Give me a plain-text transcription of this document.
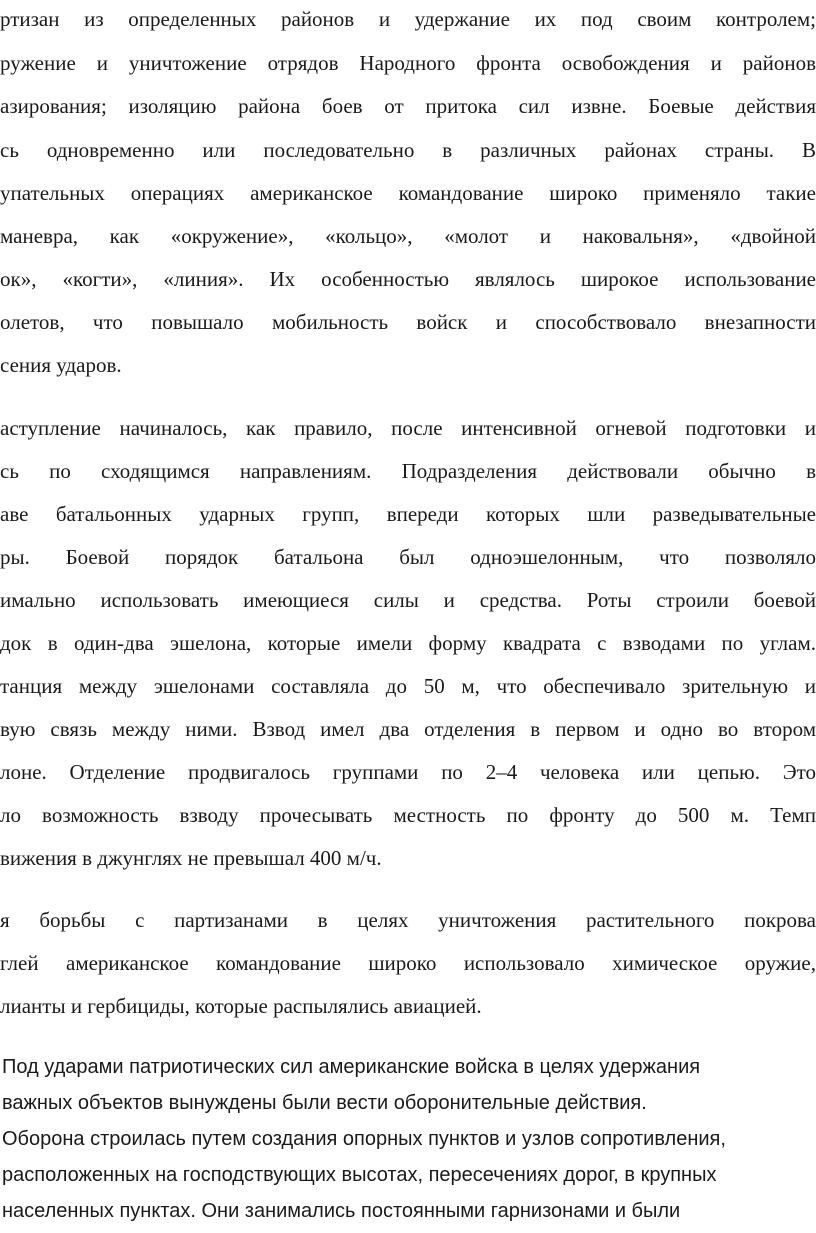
ртизан из определенных районов и удержание их под своим контролем;
ружение и уничтожение отрядов Народного фронта освобождения и районов
азирования; изоляцию района боев от притока сил извне. Боевые действия
сь одновременно или последовательно в различных районах страны. В
упательных операциях американское командование широко применяло такие
маневра, как «окружение», «кольцо», «молот и наковальня», «двойной
ок», «когти», «линия». Их особенностью являлось широкое использование
олетов, что повышало мобильность войск и способствовало внезапности
сения ударов.
аступление начиналось, как правило, после интенсивной огневой подготовки и
сь по сходящимся направлениям. Подразделения действовали обычно в
аве батальонных ударных групп, впереди которых шли разведывательные
ры. Боевой порядок батальона был одноэшелонным, что позволяло
имально использовать имеющиеся силы и средства. Роты строили боевой
док в один-два эшелона, которые имели форму квадрата с взводами по углам.
танция между эшелонами составляла до 50 м, что обеспечивало зрительную и
вую связь между ними. Взвод имел два отделения в первом и одно во втором
лоне. Отделение продвигалось группами по 2–4 человека или цепью. Это
ло возможность взводу прочесывать местность по фронту до 500 м. Темп
вижения в джунглях не превышал 400 м/ч.
я борьбы с партизанами в целях уничтожения растительного покрова
глей американское командование широко использовало химическое оружие,
лианты и гербициды, которые распылялись авиацией.
Под ударами патриотических сил американские войска в целях удержания
важных объектов вынуждены были вести оборонительные действия.
Оборона строилась путем создания опорных пунктов и узлов сопротивления,
расположенных на господствующих высотах, пересечениях дорог, в крупных
населенных пунктах. Они занимались постоянными гарнизонами и были
